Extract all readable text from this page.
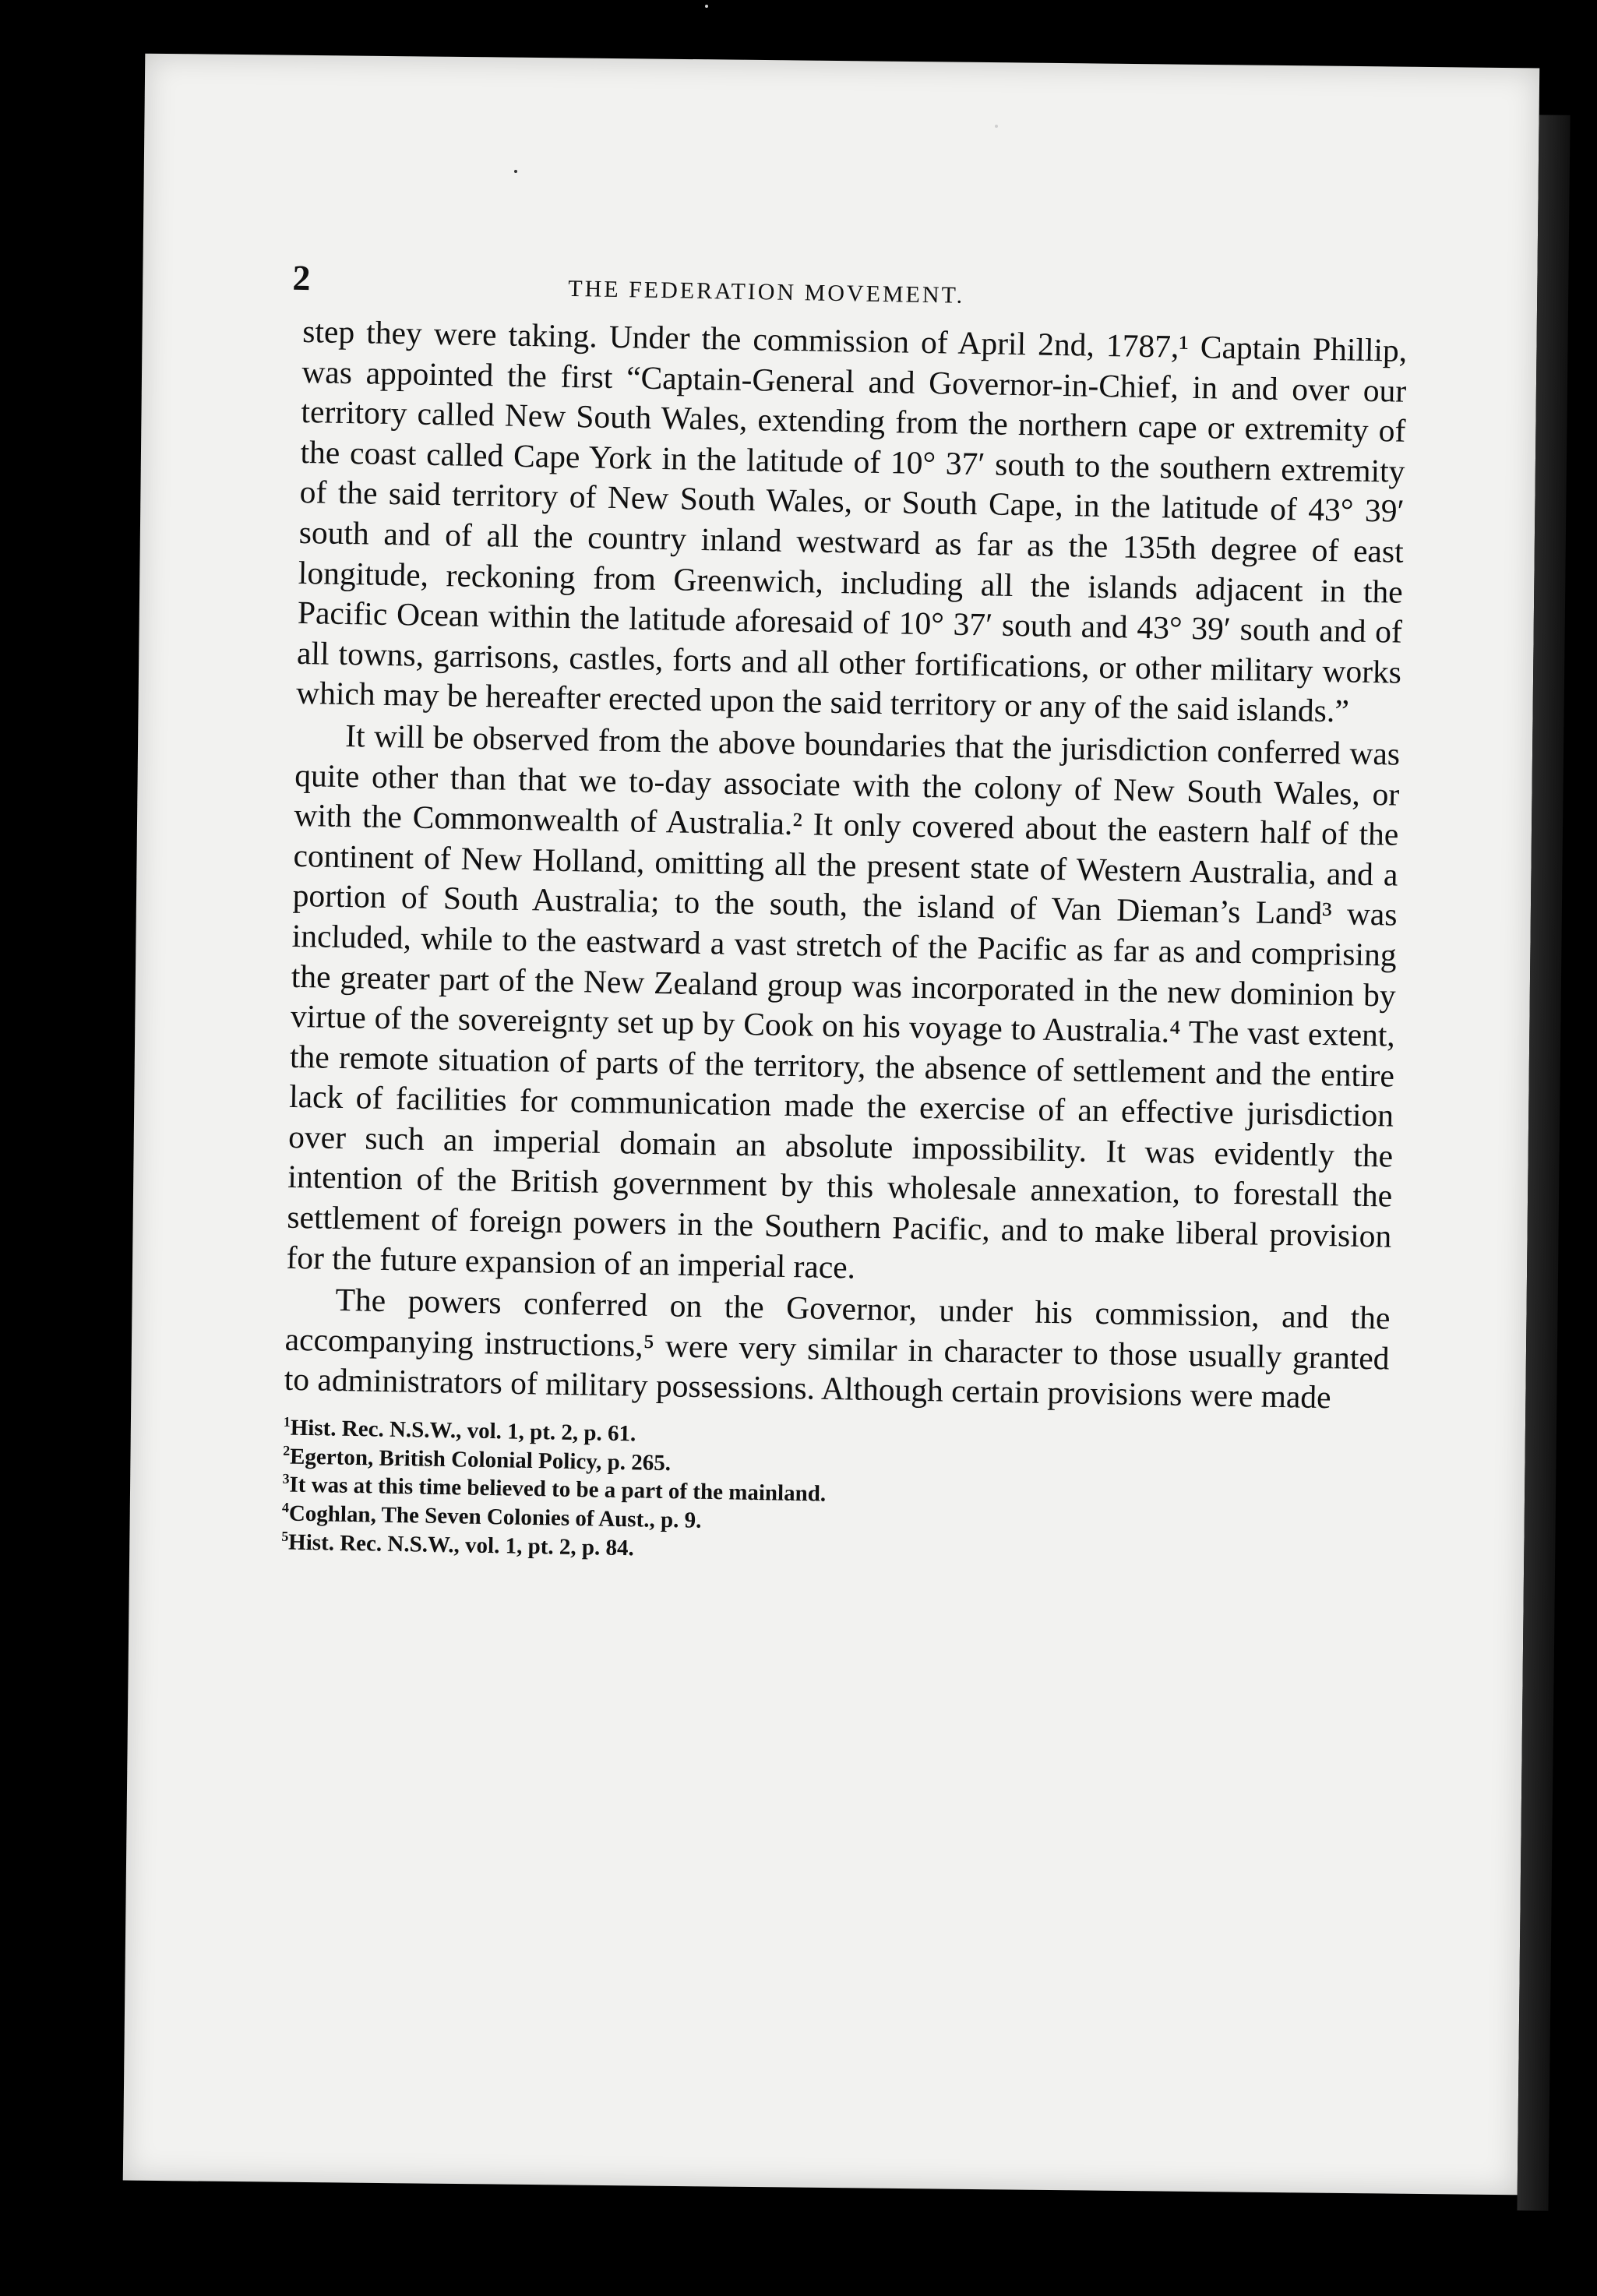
2	THE FEDERATION MOVEMENT.

step they were taking. Under the commission of April 2nd, 1787,¹ Captain Phillip, was appointed the first “Captain-General and Governor-in-Chief, in and over our territory called New South Wales, extending from the northern cape or extremity of the coast called Cape York in the latitude of 10° 37′ south to the southern extremity of the said territory of New South Wales, or South Cape, in the latitude of 43° 39′ south and of all the country inland westward as far as the 135th degree of east longitude, reckoning from Greenwich, including all the islands adjacent in the Pacific Ocean within the latitude aforesaid of 10° 37′ south and 43° 39′ south and of all towns, garrisons, castles, forts and all other fortifications, or other military works which may be hereafter erected upon the said territory or any of the said islands.”

It will be observed from the above boundaries that the jurisdiction conferred was quite other than that we to-day associate with the colony of New South Wales, or with the Commonwealth of Australia.² It only covered about the eastern half of the continent of New Holland, omitting all the present state of Western Australia, and a portion of South Australia; to the south, the island of Van Dieman’s Land³ was included, while to the eastward a vast stretch of the Pacific as far as and comprising the greater part of the New Zealand group was incorporated in the new dominion by virtue of the sovereignty set up by Cook on his voyage to Australia.⁴ The vast extent, the remote situation of parts of the territory, the absence of settlement and the entire lack of facilities for communication made the exercise of an effective jurisdiction over such an imperial domain an absolute impossibility. It was evidently the intention of the British government by this wholesale annexation, to forestall the settlement of foreign powers in the Southern Pacific, and to make liberal provision for the future expansion of an imperial race.

The powers conferred on the Governor, under his commission, and the accompanying instructions,⁵ were very similar in character to those usually granted to administrators of military possessions. Although certain provisions were made

$^1$Hist. Rec. N.S.W., vol. 1, pt. 2, p. 61.
$^2$Egerton, British Colonial Policy, p. 265.
$^3$It was at this time believed to be a part of the mainland.
$^4$Coghlan, The Seven Colonies of Aust., p. 9.
$^5$Hist. Rec. N.S.W., vol. 1, pt. 2, p. 84.
